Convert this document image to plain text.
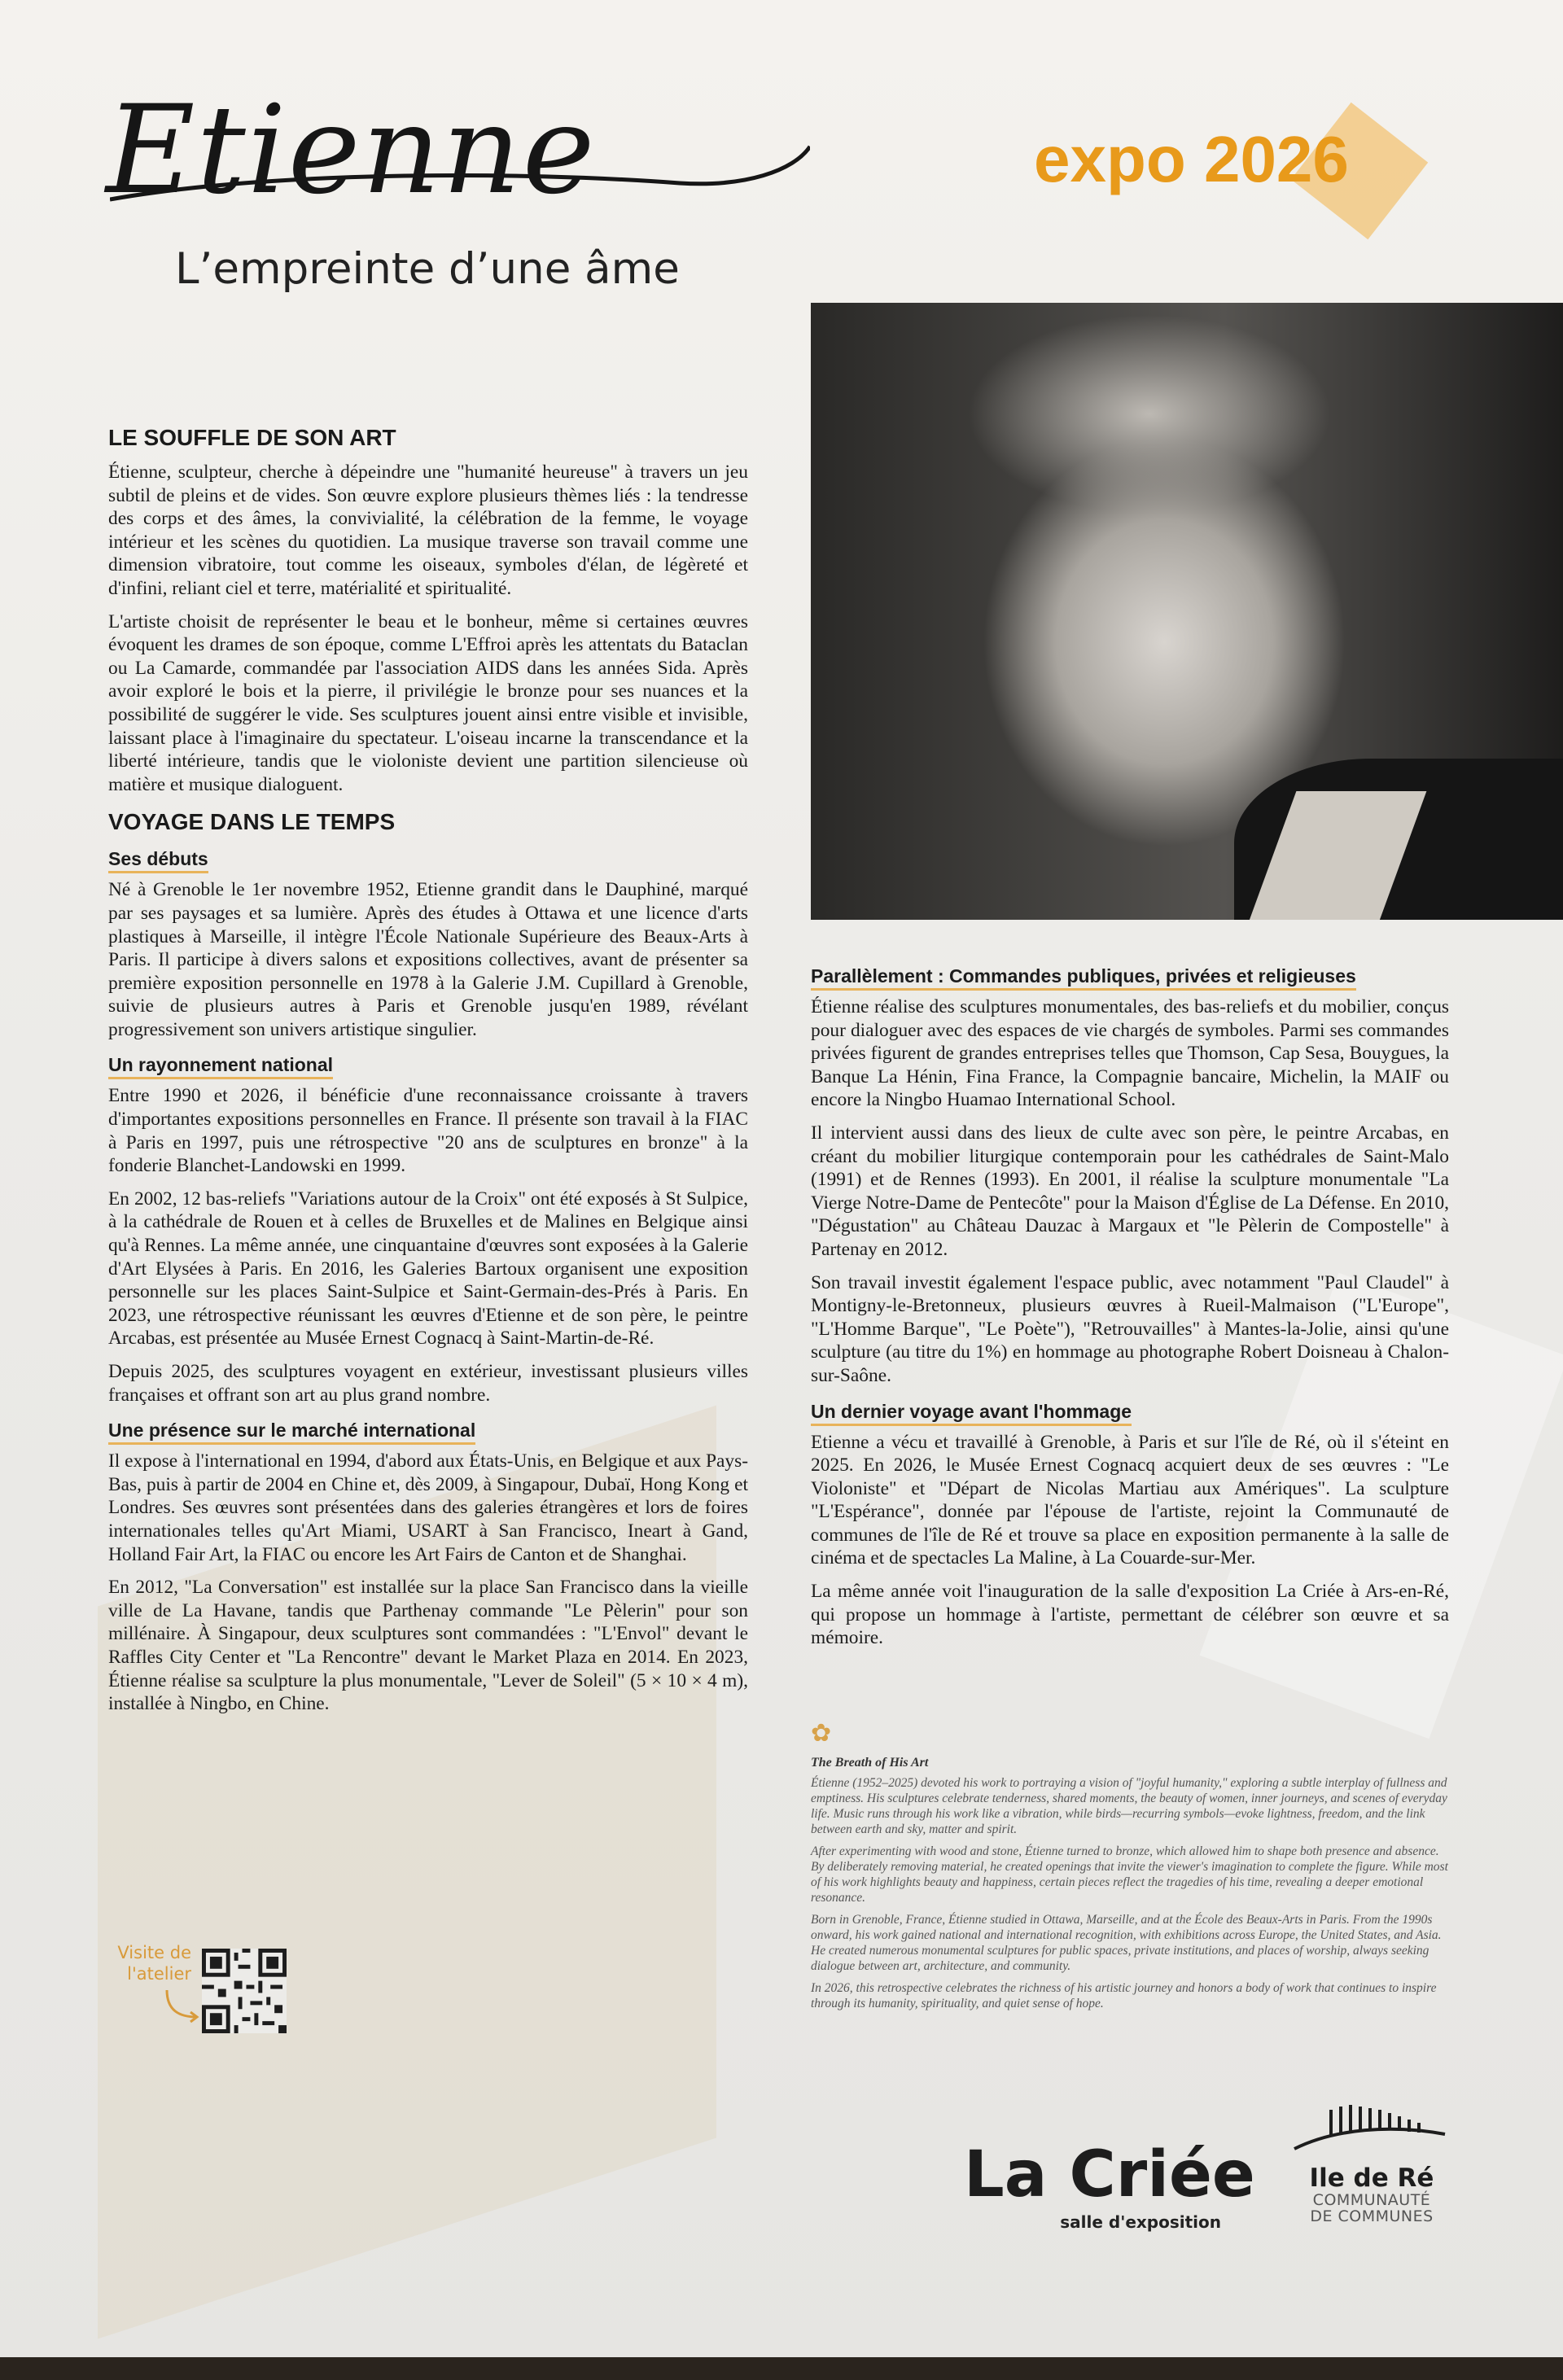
Etienne
L’empreinte d’une âme
expo 2026
LE SOUFFLE DE SON ART

Étienne, sculpteur, cherche à dépeindre une "humanité heureuse" à travers un jeu subtil de pleins et de vides. Son œuvre explore plusieurs thèmes liés : la tendresse des corps et des âmes, la convivialité, la célébration de la femme, le voyage intérieur et les scènes du quotidien. La musique traverse son travail comme une dimension vibratoire, tout comme les oiseaux, symboles d'élan, de légèreté et d'infini, reliant ciel et terre, matérialité et spiritualité.

L'artiste choisit de représenter le beau et le bonheur, même si certaines œuvres évoquent les drames de son époque, comme L'Effroi après les attentats du Bataclan ou La Camarde, commandée par l'association AIDS dans les années Sida. Après avoir exploré le bois et la pierre, il privilégie le bronze pour ses nuances et la possibilité de suggérer le vide. Ses sculptures jouent ainsi entre visible et invisible, laissant place à l'imaginaire du spectateur. L'oiseau incarne la transcendance et la liberté intérieure, tandis que le violoniste devient une partition silencieuse où matière et musique dialoguent.

VOYAGE DANS LE TEMPS
Ses débuts

Né à Grenoble le 1er novembre 1952, Etienne grandit dans le Dauphiné, marqué par ses paysages et sa lumière. Après des études à Ottawa et une licence d'arts plastiques à Marseille, il intègre l'École Nationale Supérieure des Beaux-Arts à Paris. Il participe à divers salons et expositions collectives, avant de présenter sa première exposition personnelle en 1978 à la Galerie J.M. Cupillard à Grenoble, suivie de plusieurs autres à Paris et Grenoble jusqu'en 1989, révélant progressivement son univers artistique singulier.

Un rayonnement national

Entre 1990 et 2026, il bénéficie d'une reconnaissance croissante à travers d'importantes expositions personnelles en France. Il présente son travail à la FIAC à Paris en 1997, puis une rétrospective "20 ans de sculptures en bronze" à la fonderie Blanchet-Landowski en 1999.

En 2002, 12 bas-reliefs "Variations autour de la Croix" ont été exposés à St Sulpice, à la cathédrale de Rouen et à celles de Bruxelles et de Malines en Belgique ainsi qu'à Rennes. La même année, une cinquantaine d'œuvres sont exposées à la Galerie d'Art Elysées à Paris. En 2016, les Galeries Bartoux organisent une exposition personnelle sur les places Saint-Sulpice et Saint-Germain-des-Prés à Paris. En 2023, une rétrospective réunissant les œuvres d'Etienne et de son père, le peintre Arcabas, est présentée au Musée Ernest Cognacq à Saint-Martin-de-Ré.

Depuis 2025, des sculptures voyagent en extérieur, investissant plusieurs villes françaises et offrant son art au plus grand nombre.

Une présence sur le marché international

Il expose à l'international en 1994, d'abord aux États-Unis, en Belgique et aux Pays-Bas, puis à partir de 2004 en Chine et, dès 2009, à Singapour, Dubaï, Hong Kong et Londres. Ses œuvres sont présentées dans des galeries étrangères et lors de foires internationales telles qu'Art Miami, USART à San Francisco, Ineart à Gand, Holland Fair Art, la FIAC ou encore les Art Fairs de Canton et de Shanghai.

En 2012, "La Conversation" est installée sur la place San Francisco dans la vieille ville de La Havane, tandis que Parthenay commande "Le Pèlerin" pour son millénaire. À Singapour, deux sculptures sont commandées : "L'Envol" devant le Raffles City Center et "La Rencontre" devant le Market Plaza en 2014. En 2023, Étienne réalise sa sculpture la plus monumentale, "Lever de Soleil" (5 × 10 × 4 m), installée à Ningbo, en Chine.

Parallèlement : Commandes publiques, privées et religieuses

Étienne réalise des sculptures monumentales, des bas-reliefs et du mobilier, conçus pour dialoguer avec des espaces de vie chargés de symboles. Parmi ses commandes privées figurent de grandes entreprises telles que Thomson, Cap Sesa, Bouygues, la Banque La Hénin, Fina France, la Compagnie bancaire, Michelin, la MAIF ou encore la Ningbo Huamao International School.

Il intervient aussi dans des lieux de culte avec son père, le peintre Arcabas, en créant du mobilier liturgique contemporain pour les cathédrales de Saint-Malo (1991) et de Rennes (1993). En 2001, il réalise la sculpture monumentale "La Vierge Notre-Dame de Pentecôte" pour la Maison d'Église de La Défense. En 2010, "Dégustation" au Château Dauzac à Margaux et "le Pèlerin de Compostelle" à Partenay en 2012.

Son travail investit également l'espace public, avec notamment "Paul Claudel" à Montigny-le-Bretonneux, plusieurs œuvres à Rueil-Malmaison ("L'Europe", "L'Homme Barque", "Le Poète"), "Retrouvailles" à Mantes-la-Jolie, ainsi qu'une sculpture (au titre du 1%) en hommage au photographe Robert Doisneau à Chalon-sur-Saône.

Un dernier voyage avant l'hommage

Etienne a vécu et travaillé à Grenoble, à Paris et sur l'île de Ré, où il s'éteint en 2025. En 2026, le Musée Ernest Cognacq acquiert deux de ses œuvres : "Le Violoniste" et "Départ de Nicolas Martiau aux Amériques". La sculpture "L'Espérance", donnée par l'épouse de l'artiste, rejoint la Communauté de communes de l'île de Ré et trouve sa place en exposition permanente à la salle de cinéma et de spectacles La Maline, à La Couarde-sur-Mer.

La même année voit l'inauguration de la salle d'exposition La Criée à Ars-en-Ré, qui propose un hommage à l'artiste, permettant de célébrer son œuvre et sa mémoire.

✿
The Breath of His Art

Étienne (1952–2025) devoted his work to portraying a vision of "joyful humanity," exploring a subtle interplay of fullness and emptiness. His sculptures celebrate tenderness, shared moments, the beauty of women, inner journeys, and scenes of everyday life. Music runs through his work like a vibration, while birds—recurring symbols—evoke lightness, freedom, and the link between earth and sky, matter and spirit.

After experimenting with wood and stone, Étienne turned to bronze, which allowed him to shape both presence and absence. By deliberately removing material, he created openings that invite the viewer's imagination to complete the figure. While most of his work highlights beauty and happiness, certain pieces reflect the tragedies of his time, revealing a deeper emotional resonance.

Born in Grenoble, France, Étienne studied in Ottawa, Marseille, and at the École des Beaux-Arts in Paris. From the 1990s onward, his work gained national and international recognition, with exhibitions across Europe, the United States, and Asia. He created numerous monumental sculptures for public spaces, private institutions, and places of worship, always seeking dialogue between art, architecture, and community.

In 2026, this retrospective celebrates the richness of his artistic journey and honors a body of work that continues to inspire through its humanity, spirituality, and quiet sense of hope.

Visite de l'atelier
La Criée
salle d'exposition
Ile de Ré
COMMUNAUTÉ
DE COMMUNES
